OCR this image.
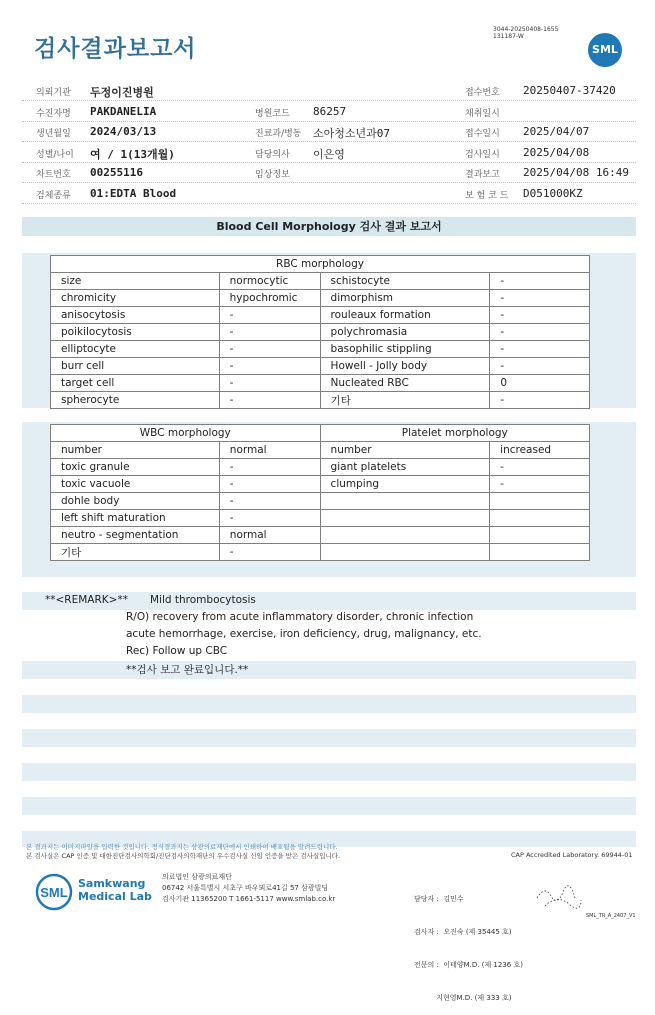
검사결과보고서
3044-20250408-1655
131187-W
SML
의뢰기관 두정이진병원	접수번호 20250407-37420
수진자명 PAKDANELIA	병원코드 86257	채취일시
생년월일 2024/03/13	진료과/병동 소아청소년과07	접수일시 2025/04/07
성별/나이 여 / 1(13개월)	담당의사 이은영	검사일시 2025/04/08
차트번호 00255116	임상정보	결과보고 2025/04/08 16:49
검체종류 01:EDTA Blood	보 험 코 드 D051000KZ
Blood Cell Morphology 검사 결과 보고서
RBC morphology			
size	normocytic	schistocyte	-
chromicity	hypochromic	dimorphism	-
anisocytosis	-	rouleaux formation	-
poikilocytosis	-	polychromasia	-
elliptocyte	-	basophilic stippling	-
burr cell	-	Howell - Jolly body	-
target cell	-	Nucleated RBC	0
spherocyte	-	기타	-
WBC morphology		Platelet morphology	
number	normal	number	increased
toxic granule	-	giant platelets	-
toxic vacuole	-	clumping	-
dohle body	-		
left shift maturation	-		
neutro - segmentation	normal		
기타	-		
**<REMARK>** Mild thrombocytosis
R/O) recovery from acute inflammatory disorder, chronic infection
acute hemorrhage, exercise, iron deficiency, drug, malignancy, etc.
Rec) Follow up CBC
**검사 보고 완료입니다.**
본 결과지는 이미지파일을 입력한 것입니다. 정식결과지는 삼광의료재단에서 인쇄하여 배포됨을 알려드립니다.
본 검사실은 CAP 인증 및 대한진단검사의학회/진단검사의학재단의 우수검사실 신임 인증을 받은 검사실입니다.	CAP Accredited Laboratory. 69944-01
SML
Samkwang
Medical Lab
의료법인 삼광의료재단
06742 서울특별시 서초구 바우뫼로41길 57 삼광빌딩
검사기관 11365200 T 1661-5117 www.smlab.co.kr

	담당자 :  김민수

검사자 :  오진숙 (제 35445 호)

전문의 :  이태양M.D. (제 1236 호)

지현영M.D. (제 333 호)

SML_TR_A_2407_V1
